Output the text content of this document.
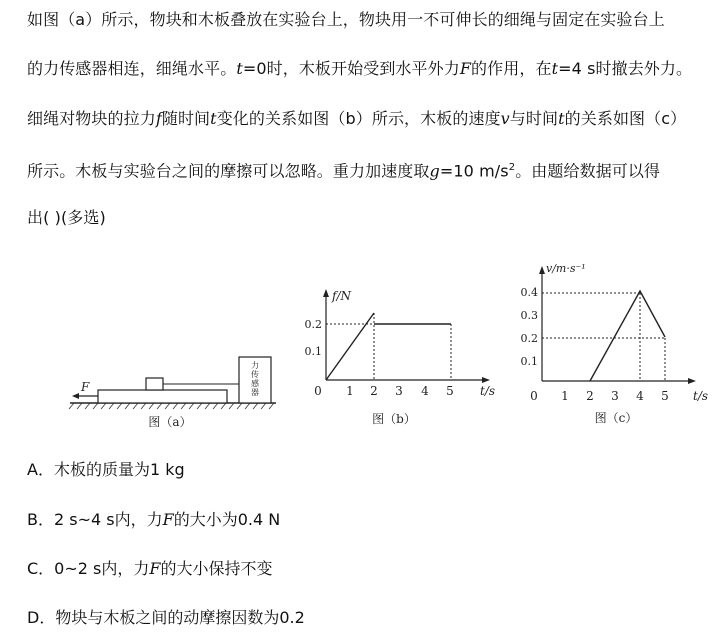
如图（a）所示，物块和木板叠放在实验台上，物块用一不可伸长的细绳与固定在实验台上
的力传感器相连，细绳水平。t=0时，木板开始受到水平外力F的作用，在t=4 s时撤去外力。
细绳对物块的拉力f随时间t变化的关系如图（b）所示，木板的速度v与时间t的关系如图（c）
所示。木板与实验台之间的摩擦可以忽略。重力加速度取g=10 $m/s^2$。由题给数据可以得
出( )(多选)
力
传
感
器
F
图（a）
f/N
t/s
0 1 2 3 4 5
0.1
0.2
图（b）
v/m·s⁻¹
t/s
0 1 2 3 4 5
0.1
0.2
0.3
0.4
图（c）
A．木板的质量为1 kg
B．2 s~4 s内，力F的大小为0.4 N
C．0~2 s内，力F的大小保持不变
D．物块与木板之间的动摩擦因数为0.2
